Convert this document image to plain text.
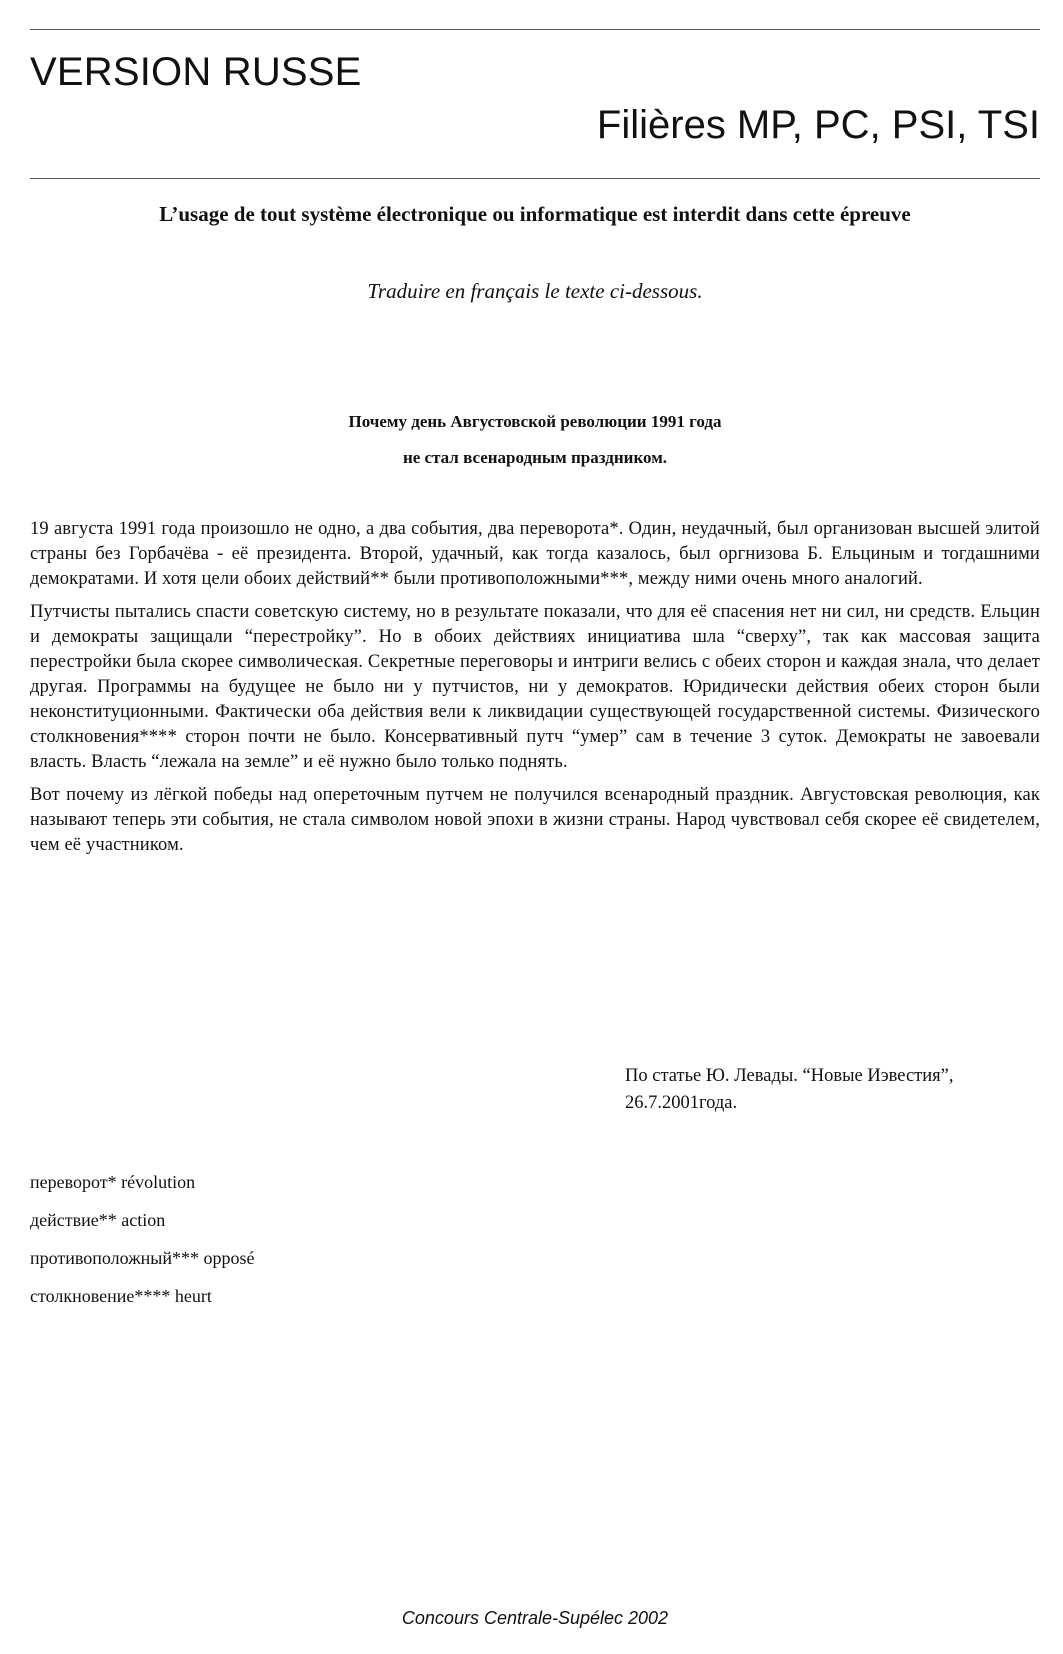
VERSION RUSSE
Filières MP, PC, PSI, TSI

L’usage de tout système électronique ou informatique est interdit dans cette épreuve

Traduire en français le texte ci-dessous.

Почему день Августовской революции 1991 года
не стал всенародным праздником.

19 августа 1991 года произошло не одно, а два события, два переворота*. Один, неудачный, был организован высшей элитой страны без Горбачёва - её президента. Второй, удачный, как тогда казалось, был оргнизова Б. Ельциным и тогдашними демократами. И хотя цели обоих действий** были противоположными***, между ними очень много аналогий.

Путчисты пытались спасти советскую систему, но в результате показали, что для её спасения нет ни сил, ни средств. Ельцин и демократы защищали “перестройку”. Но в обоих действиях инициатива шла “сверху”, так как массовая защита перестройки была скорее символическая. Секретные переговоры и интриги велись с обеих сторон и каждая знала, что делает другая. Программы на будущее не было ни у путчистов, ни у демократов. Юридически действия обеих сторон были неконституционными. Фактически оба действия вели к ликвидации существующей государственной системы. Физического столкновения**** сторон почти не было. Консервативный путч “умер” сам в течение 3 суток. Демократы не завоевали власть. Власть “лежала на земле” и её нужно было только поднять.

Вот почему из лёгкой победы над опереточным путчем не получился всенародный праздник. Августовская революция, как называют теперь эти события, не стала символом новой эпохи в жизни страны. Народ чувствовал себя скорее её свидетелем, чем её участником.

По статье Ю. Левады. “Новые Иэвестия”,
26.7.2001года.
переворот* révolution
действие** action
противоположный*** opposé
столкновение**** heurt

Concours Centrale-Supélec 2002
